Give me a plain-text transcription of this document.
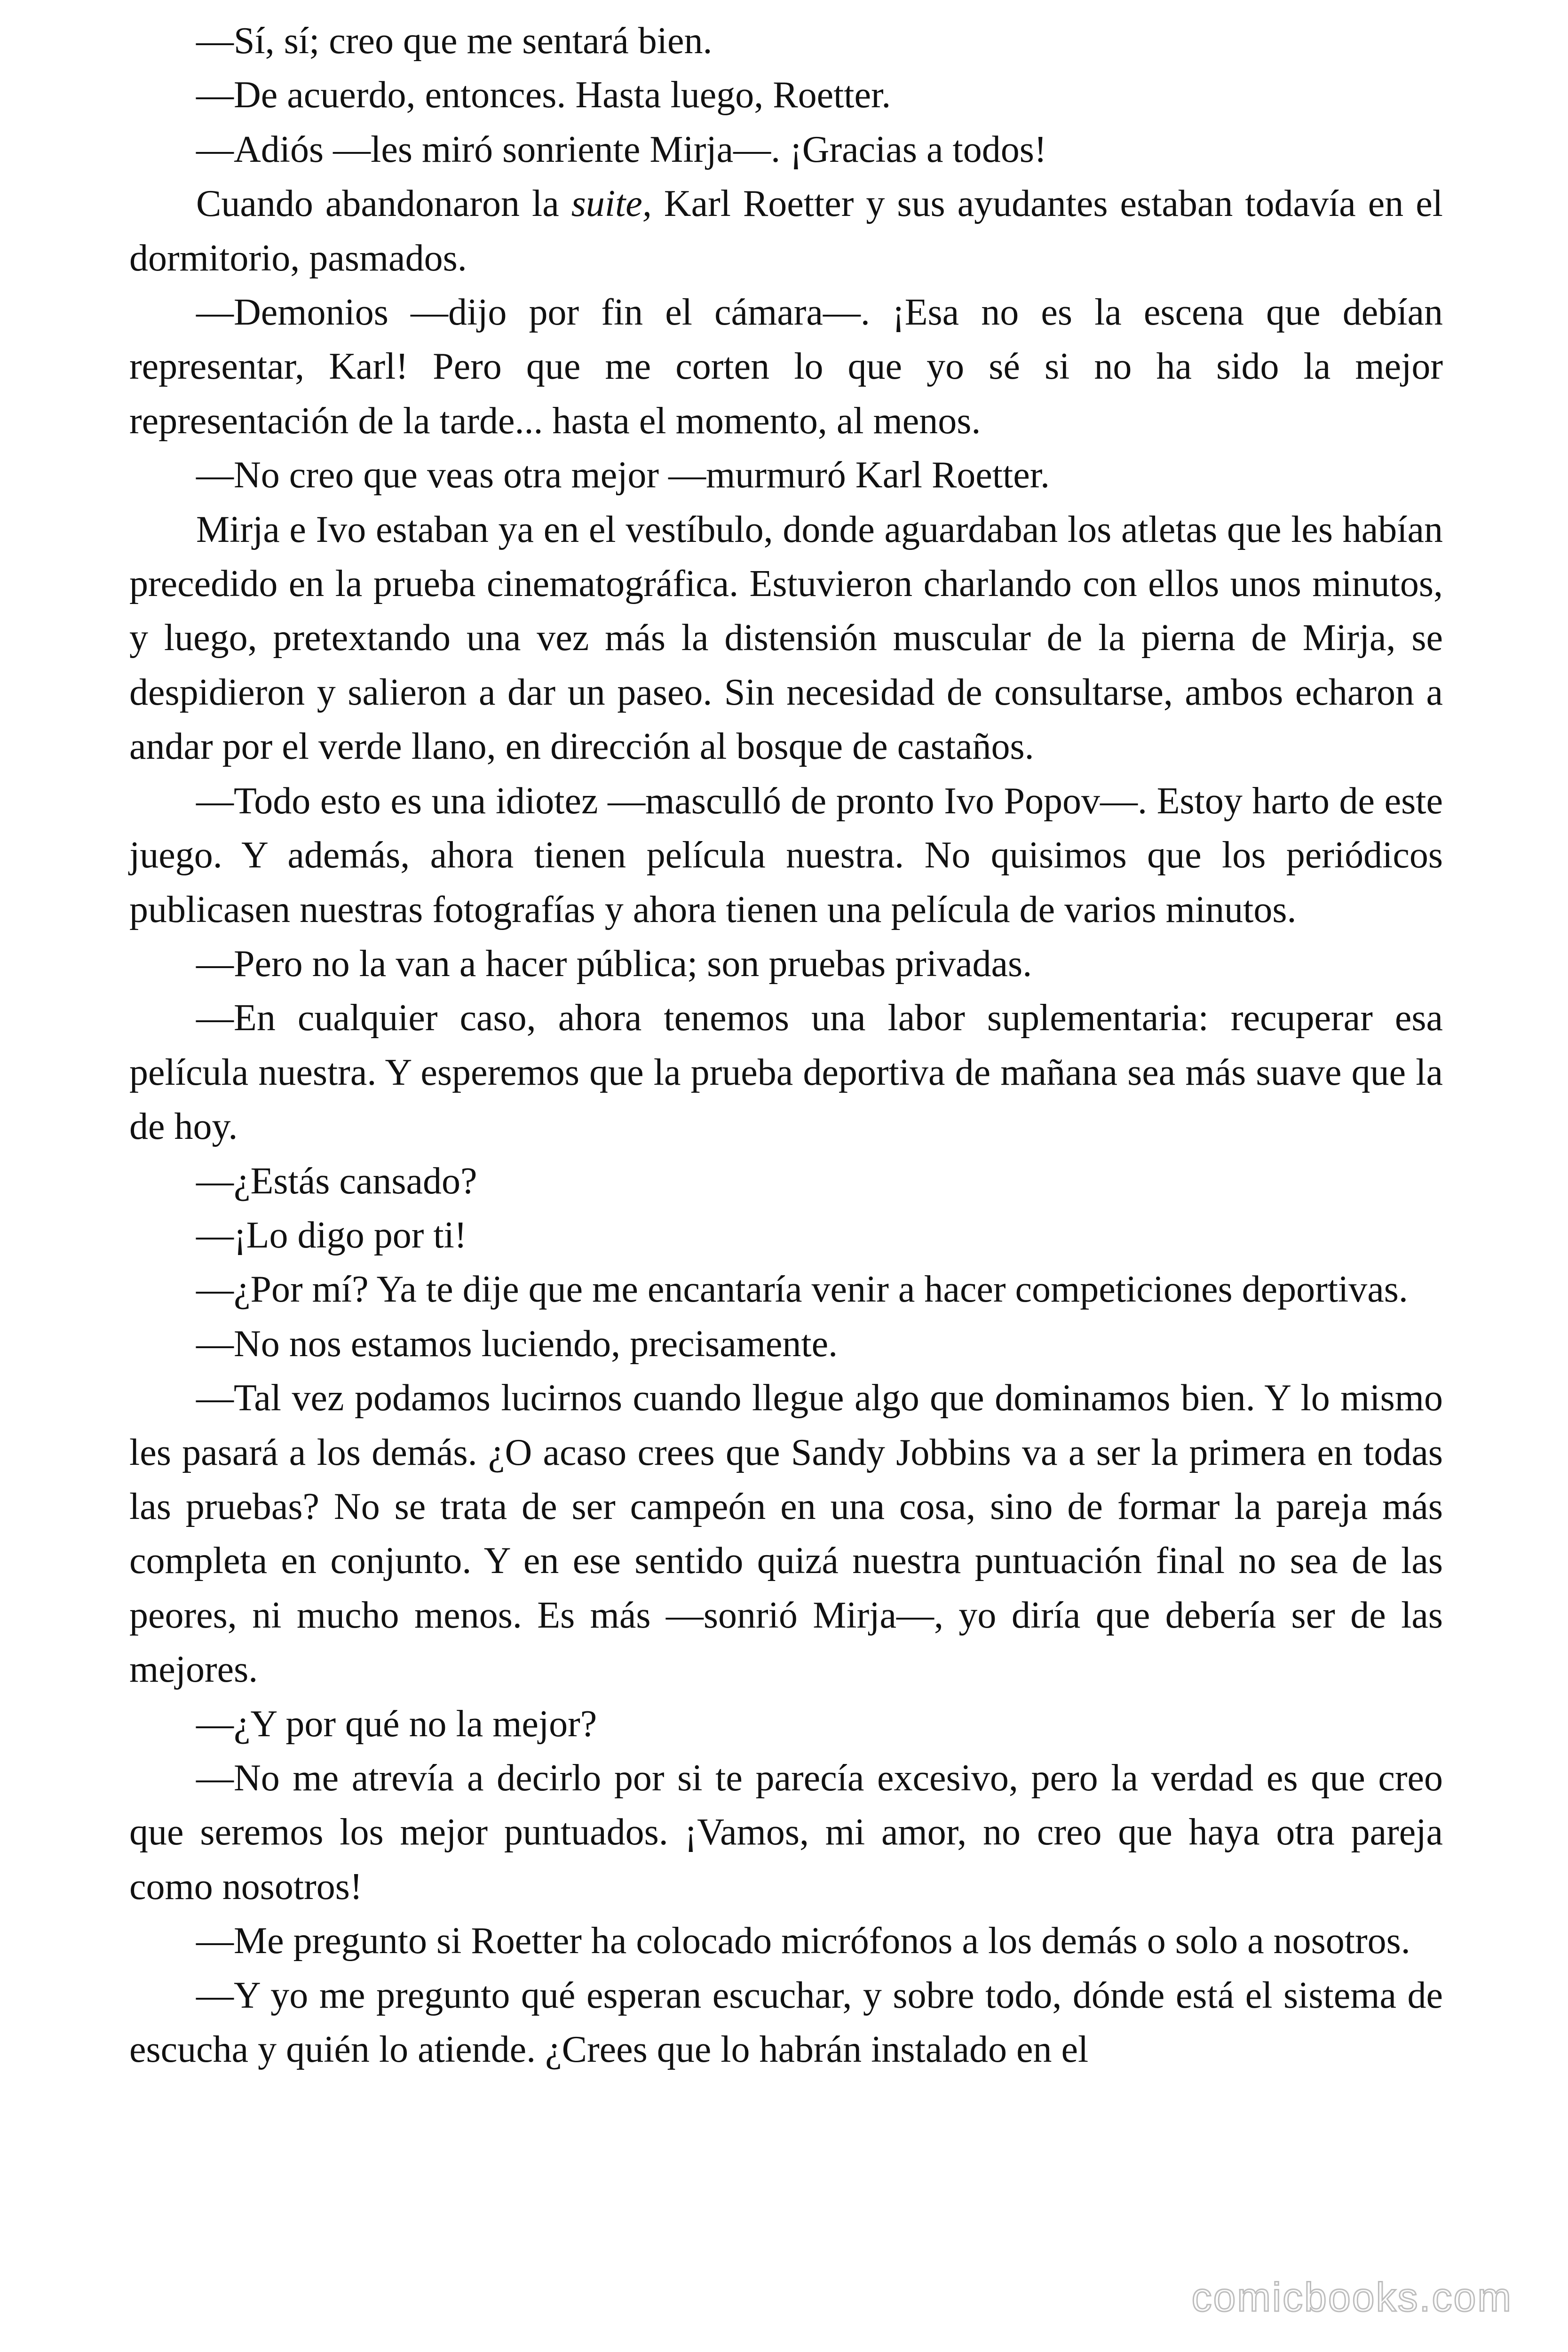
—Sí, sí; creo que me sentará bien.

—De acuerdo, entonces. Hasta luego, Roetter.

—Adiós —les miró sonriente Mirja—. ¡Gracias a todos!

Cuando abandonaron la suite, Karl Roetter y sus ayudantes estaban todavía en el dormitorio, pasmados.

—Demonios —dijo por fin el cámara—. ¡Esa no es la escena que debían representar, Karl! Pero que me corten lo que yo sé si no ha sido la mejor representación de la tarde... hasta el momento, al menos.

—No creo que veas otra mejor —murmuró Karl Roetter.

Mirja e Ivo estaban ya en el vestíbulo, donde aguardaban los atletas que les habían precedido en la prueba cinematográfica. Estuvieron charlando con ellos unos minutos, y luego, pretextando una vez más la distensión muscular de la pierna de Mirja, se despidieron y salieron a dar un paseo. Sin necesidad de consultarse, ambos echaron a andar por el verde llano, en dirección al bosque de castaños.

—Todo esto es una idiotez —masculló de pronto Ivo Popov—. Estoy harto de este juego. Y además, ahora tienen película nuestra. No quisimos que los periódicos publicasen nuestras fotografías y ahora tienen una película de varios minutos.

—Pero no la van a hacer pública; son pruebas privadas.

—En cualquier caso, ahora tenemos una labor suplementaria: recuperar esa película nuestra. Y esperemos que la prueba deportiva de mañana sea más suave que la de hoy.

—¿Estás cansado?

—¡Lo digo por ti!

—¿Por mí? Ya te dije que me encantaría venir a hacer competiciones deportivas.

—No nos estamos luciendo, precisamente.

—Tal vez podamos lucirnos cuando llegue algo que dominamos bien. Y lo mismo les pasará a los demás. ¿O acaso crees que Sandy Jobbins va a ser la primera en todas las pruebas? No se trata de ser campeón en una cosa, sino de formar la pareja más completa en conjunto. Y en ese sentido quizá nuestra puntuación final no sea de las peores, ni mucho menos. Es más —sonrió Mirja—, yo diría que debería ser de las mejores.

—¿Y por qué no la mejor?

—No me atrevía a decirlo por si te parecía excesivo, pero la verdad es que creo que seremos los mejor puntuados. ¡Vamos, mi amor, no creo que haya otra pareja como nosotros!

—Me pregunto si Roetter ha colocado micrófonos a los demás o solo a nosotros.

—Y yo me pregunto qué esperan escuchar, y sobre todo, dónde está el sistema de escucha y quién lo atiende. ¿Crees que lo habrán instalado en el

comicbooks.com
